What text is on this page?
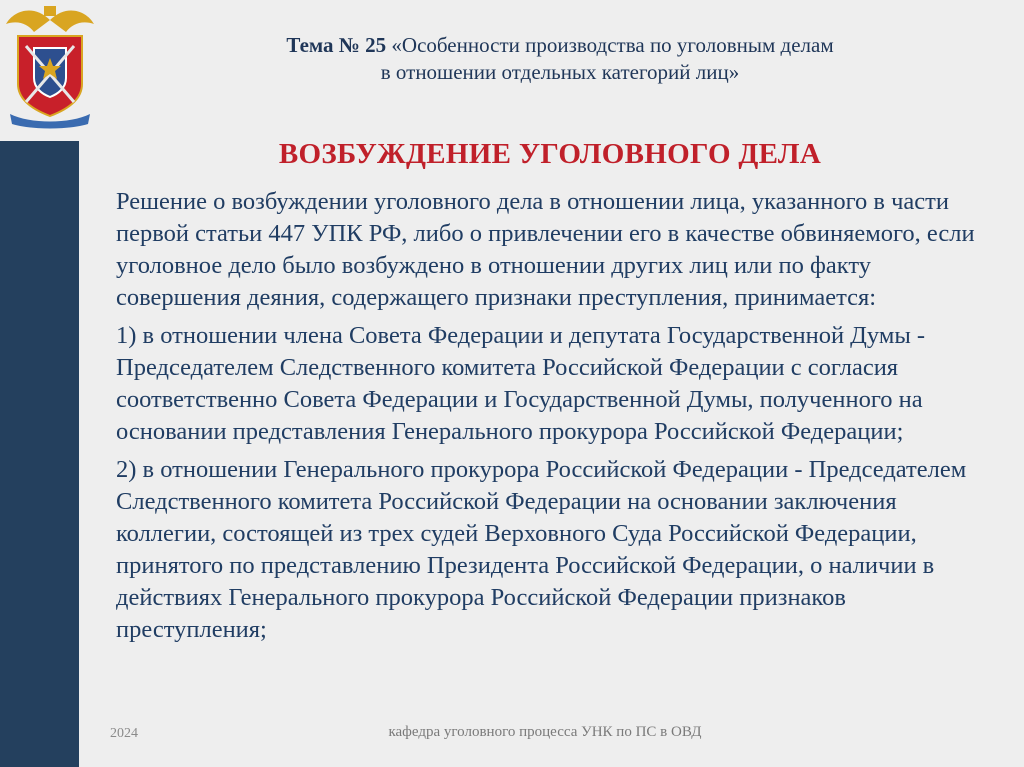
Тема № 25 «Особенности производства по уголовным делам
в отношении отдельных категорий лиц»
ВОЗБУЖДЕНИЕ УГОЛОВНОГО ДЕЛА

Решение о возбуждении уголовного дела в отношении лица, указанного в части первой статьи 447 УПК РФ, либо о привлечении его в качестве обвиняемого, если уголовное дело было возбуждено в отношении других лиц или по факту совершения деяния, содержащего признаки преступления, принимается:

1) в отношении члена Совета Федерации и депутата Государственной Думы - Председателем Следственного комитета Российской Федерации с согласия соответственно Совета Федерации и Государственной Думы, полученного на основании представления Генерального прокурора Российской Федерации;

2) в отношении Генерального прокурора Российской Федерации - Председателем Следственного комитета Российской Федерации на основании заключения коллегии, состоящей из трех судей Верховного Суда Российской Федерации, принятого по представлению Президента Российской Федерации, о наличии в действиях Генерального прокурора Российской Федерации признаков преступления;

2024	кафедра уголовного процесса УНК по ПС в ОВД
